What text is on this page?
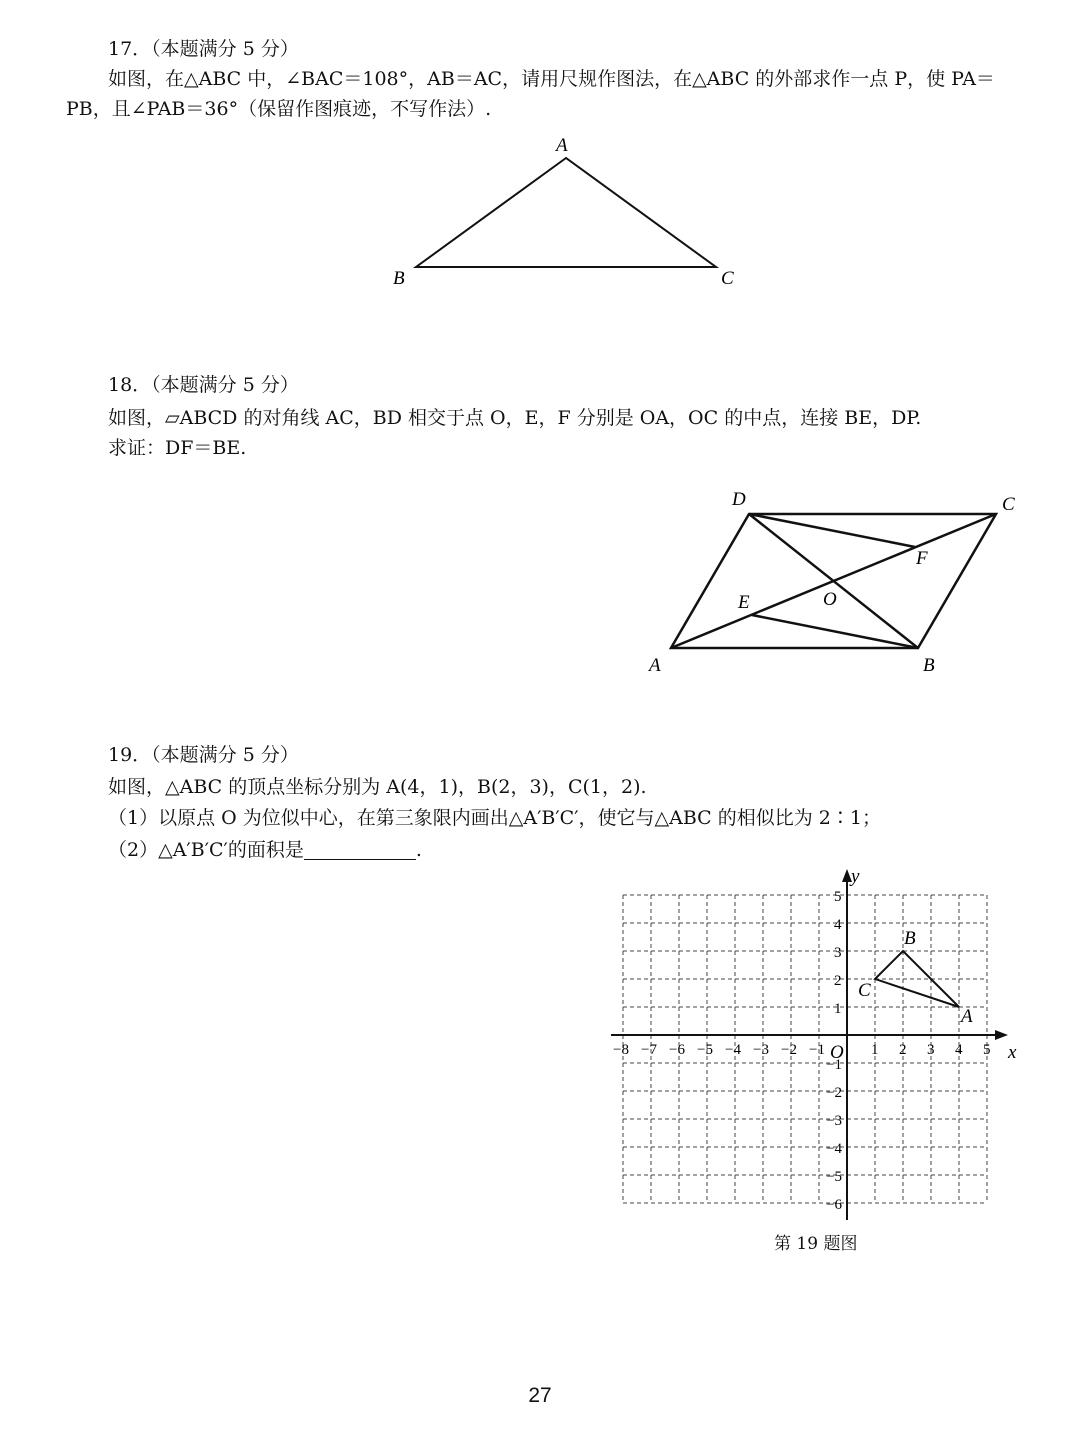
17．（本题满分 5 分）
如图，在△ABC 中，∠BAC＝108°，AB＝AC，请用尺规作图法，在△ABC 的外部求作一点 P，使 PA＝
PB，且∠PAB＝36°（保留作图痕迹，不写作法）.
A
B	C
18．（本题满分 5 分）
如图，▱ABCD 的对角线 AC，BD 相交于点 O，E，F 分别是 OA，OC 的中点，连接 BE，DP.
求证：DF＝BE.
D	C
F
O
E
A	B
19．（本题满分 5 分）
如图，△ABC 的顶点坐标分别为 A(4，1)，B(2，3)，C(1，2).
（1）以原点 O 为位似中心，在第三象限内画出△A′B′C′，使它与△ABC 的相似比为 2∶1；
（2）△A′B′C′的面积是	.
−8 −7 −6 −5 −4 −3 −2 −1	1 2 3 4 5
5
4
3
2
1
−1
−2
−3
−4
−5
−6
y
x
O
B
C
A
第 19 题图
27
